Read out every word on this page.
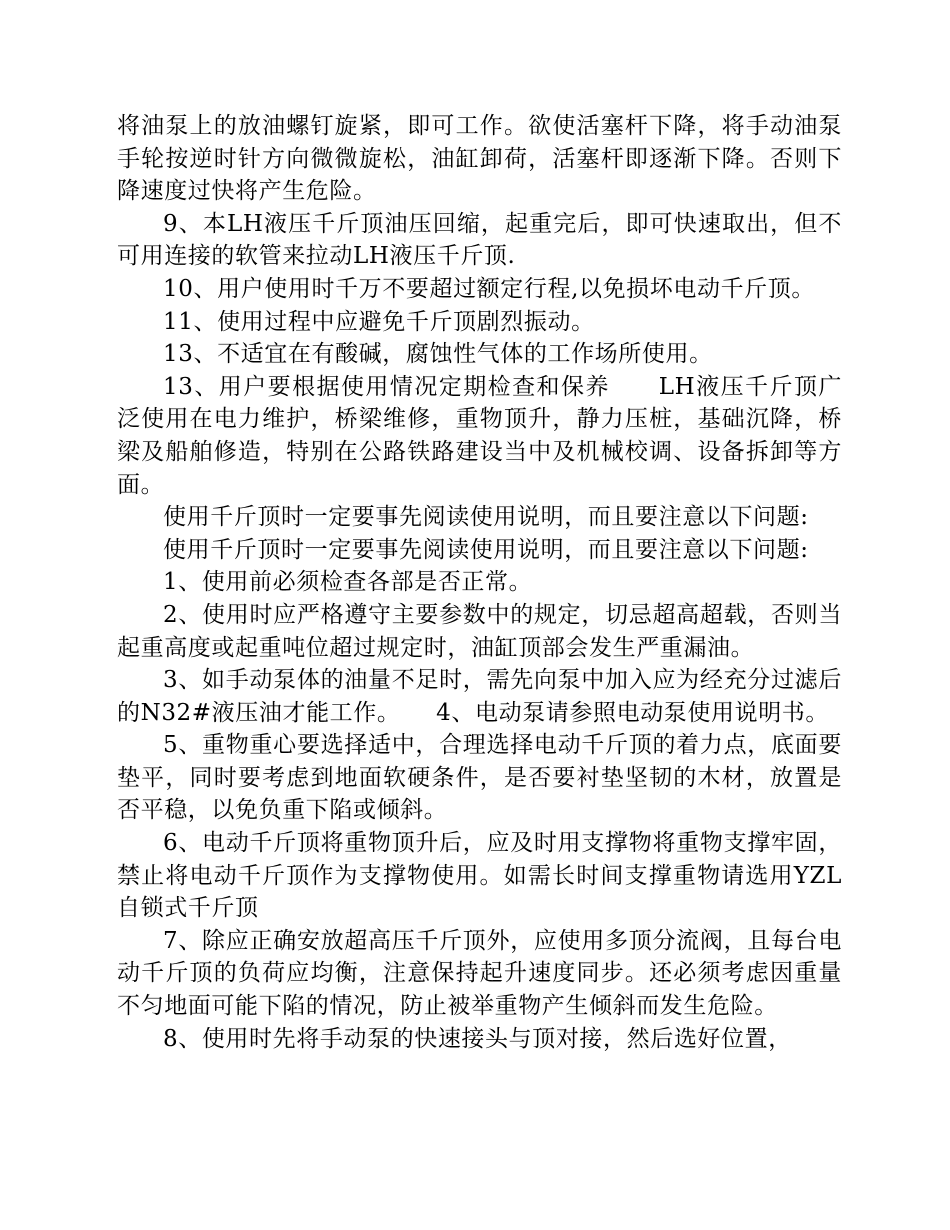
将油泵上的放油螺钉旋紧，即可工作。欲使活塞杆下降，将手动油泵手轮按逆时针方向微微旋松，油缸卸荷，活塞杆即逐渐下降。否则下降速度过快将产生危险。

9、本LH液压千斤顶油压回缩，起重完后，即可快速取出，但不可用连接的软管来拉动LH液压千斤顶.

10、用户使用时千万不要超过额定行程,以免损坏电动千斤顶。

11、使用过程中应避免千斤顶剧烈振动。

13、不适宜在有酸碱，腐蚀性气体的工作场所使用。

13、用户要根据使用情况定期检查和保养　　LH液压千斤顶广泛使用在电力维护，桥梁维修，重物顶升，静力压桩，基础沉降，桥梁及船舶修造，特别在公路铁路建设当中及机械校调、设备拆卸等方面。

使用千斤顶时一定要事先阅读使用说明，而且要注意以下问题:

使用千斤顶时一定要事先阅读使用说明，而且要注意以下问题:

1、使用前必须检查各部是否正常。

2、使用时应严格遵守主要参数中的规定，切忌超高超载，否则当起重高度或起重吨位超过规定时，油缸顶部会发生严重漏油。

3、如手动泵体的油量不足时，需先向泵中加入应为经充分过滤后的N32#液压油才能工作。　　4、电动泵请参照电动泵使用说明书。

5、重物重心要选择适中，合理选择电动千斤顶的着力点，底面要垫平，同时要考虑到地面软硬条件，是否要衬垫坚韧的木材，放置是否平稳，以免负重下陷或倾斜。

6、电动千斤顶将重物顶升后，应及时用支撑物将重物支撑牢固，禁止将电动千斤顶作为支撑物使用。如需长时间支撑重物请选用YZL自锁式千斤顶

7、除应正确安放超高压千斤顶外，应使用多顶分流阀，且每台电动千斤顶的负荷应均衡，注意保持起升速度同步。还必须考虑因重量不匀地面可能下陷的情况，防止被举重物产生倾斜而发生危险。

8、使用时先将手动泵的快速接头与顶对接，然后选好位置，
